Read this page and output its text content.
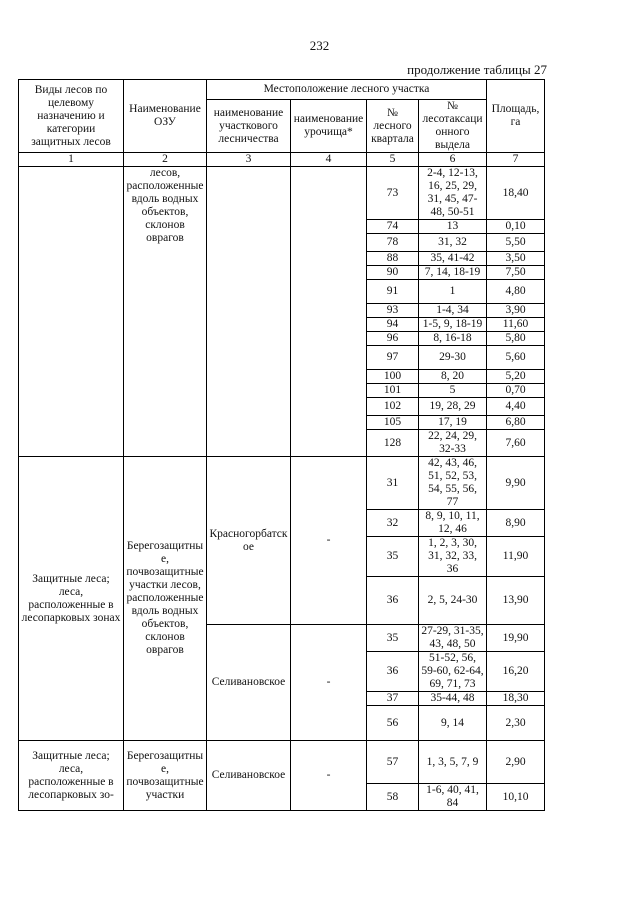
232
продолжение таблицы 27
Виды лесов по целевому назначению и категории защитных лесов	Наименование ОЗУ	Местоположение лесного участка				Площадь, га
		наименование участкового лесничества	наименование урочища*	№ лесного квартала	№ лесотаксационного выдела	
1	2	3	4	5	6	7
	лесов, расположенные вдоль водных объектов, склонов оврагов			73	2-4, 12-13, 16, 25, 29, 31, 45, 47-48, 50-51	18,40
				74	13	0,10
				78	31, 32	5,50
				88	35, 41-42	3,50
				90	7, 14, 18-19	7,50
				91	1	4,80
				93	1-4, 34	3,90
				94	1-5, 9, 18-19	11,60
				96	8, 16-18	5,80
				97	29-30	5,60
				100	8, 20	5,20
				101	5	0,70
				102	19, 28, 29	4,40
				105	17, 19	6,80
				128	22, 24, 29, 32-33	7,60
Защитные леса; леса, расположенные в лесопарковых зонах	Берегозащитные, почвозащитные участки лесов, расположенные вдоль водных объектов, склонов оврагов	Красногорбатское	-	31	42, 43, 46, 51, 52, 53, 54, 55, 56, 77	9,90
				32	8, 9, 10, 11, 12, 46	8,90
				35	1, 2, 3, 30, 31, 32, 33, 36	11,90
				36	2, 5, 24-30	13,90
		Селивановское	-	35	27-29, 31-35, 43, 48, 50	19,90
				36	51-52, 56, 59-60, 62-64, 69, 71, 73	16,20
				37	35-44, 48	18,30
				56	9, 14	2,30
Защитные леса; леса, расположенные в лесопарковых зо-	Берегозащитные, почвозащитные участки	Селивановское	-	57	1, 3, 5, 7, 9	2,90
				58	1-6, 40, 41, 84	10,10
